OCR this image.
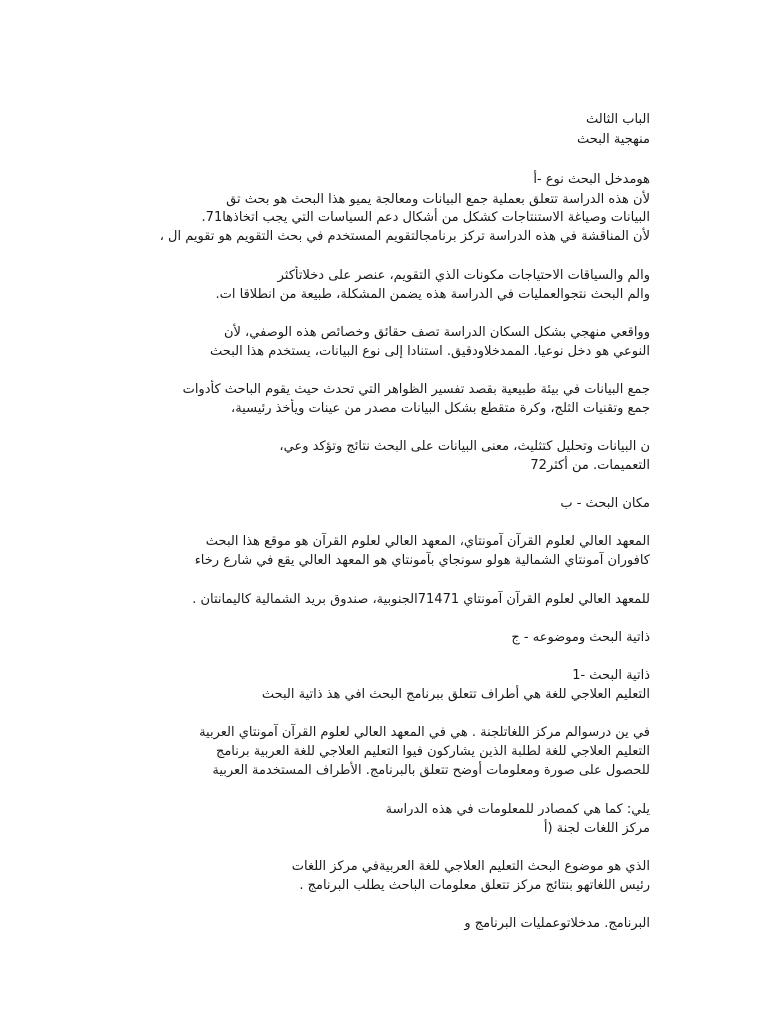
الباب الثالث
منهجية البحث
هومدخل البحث نوع -أ
لأن هذه الدراسة تتعلق بعملية جمع البيانات ومعالجة يميو هذا البحث هو بحث تق
البيانات وصياغة الاستنتاجات كشكل من أشكال دعم السياسات التي يجب اتخاذها71.
لأن المناقشة في هذه الدراسة تركز برنامجالتقويم المستخدم في بحث التقويم هو تقويم ال ،
والم والسياقات الاحتياجات مكونات الذي التقويم، عنصر على دخلاتأكثر
والم البحث نتجوالعمليات في الدراسة هذه يضمن المشكلة، طبيعة من انطلاقا ات.
وواقعي منهجي بشكل السكان الدراسة تصف حقائق وخصائص هذه الوصفي، لأن
النوعي هو دخل نوعيا. الممدخلاودقيق. استنادا إلى نوع البيانات، يستخدم هذا البحث
جمع البيانات في بيئة طبيعية بقصد تفسير الظواهر التي تحدث حيث يقوم الباحث كأدوات
جمع وتقنيات الثلج، وكرة متقطع بشكل البيانات مصدر من عينات ويأخذ رئيسية،
ن البيانات وتحليل كتثليث، معنى البيانات على البحث نتائج وتؤكد وعي،
التعميمات. من أكثر72
مكان البحث - ب
المعهد العالي لعلوم القرآن آمونتاي، المعهد العالي لعلوم القرآن هو موقع هذا البحث
كافوران آمونتاي الشمالية هولو سونجاي بآمونتاي هو المعهد العالي يقع في شارع رخاء
للمعهد العالي لعلوم القرآن آمونتاي 71471الجنوبية، صندوق بريد الشمالية كاليمانتان .
ذاتية البحث وموضوعه - ج
ذاتية البحث -1
التعليم العلاجي للغة هي أطراف تتعلق ببرنامج البحث افي هذ ذاتية البحث
في ين درسوالم مركز اللغاتلجنة . هي في المعهد العالي لعلوم القرآن آمونتاي العربية
التعليم العلاجي للغة لطلبة الذين يشاركون فيوا التعليم العلاجي للغة العربية برنامج
للحصول على صورة ومعلومات أوضح تتعلق بالبرنامج. الأطراف المستخدمة العربية
يلي: كما هي كمصادر للمعلومات في هذه الدراسة
مركز اللغات لجنة (أ
الذي هو موضوع البحث التعليم العلاجي للغة العربيةفي مركز اللغات
رئيس اللغاتهو بنتائج مركز تتعلق معلومات الباحث يطلب البرنامج .
البرنامج. مدخلاتوعمليات البرنامج و
